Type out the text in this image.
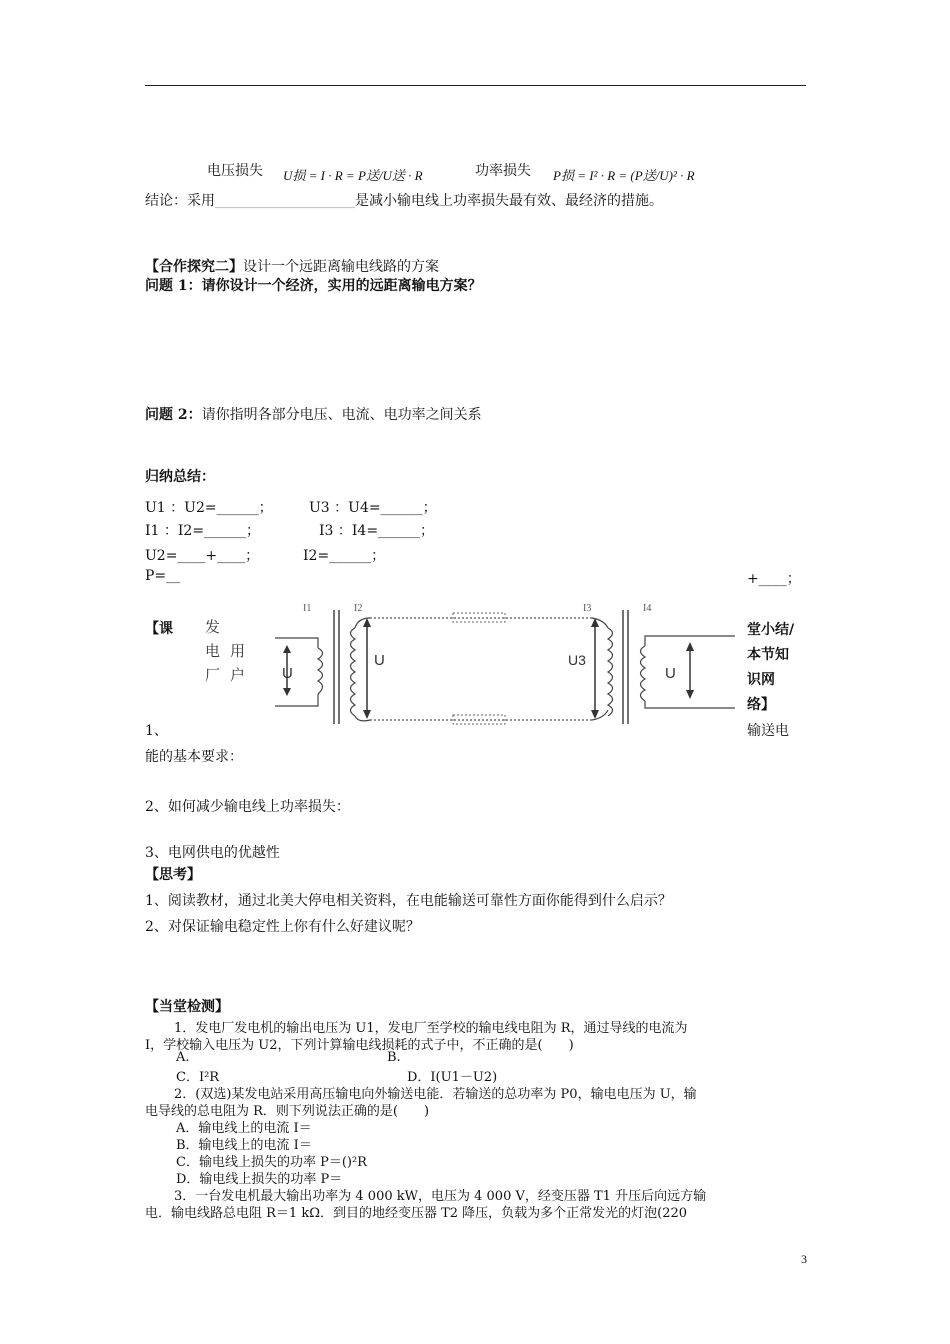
电压损失 U损 = I · R = P送/U送 · R	功率损失 P损 = I² · R = (P送/U)² · R
结论：采用____________________是减小输电线上功率损失最有效、最经济的措施。
【合作探究二】设计一个远距离输电线路的方案
问题 1：请你设计一个经济，实用的远距离输电方案？
问题 2：请你指明各部分电压、电流、电功率之间关系
归纳总结：
U1 ：U2=______；	U3 ：U4=______；
I1 ：I2=______；	I3 ：I4=______；
U2=____+____；	I2=______；
P=__	+____；
【课	堂小结/
本节知
识网
络】
发
电
厂
用
户
I1	I2	I3	I4
U
U	U3
U
1、	输送电
能的基本要求：
2、如何减少输电线上功率损失：
3、电网供电的优越性
【思考】
1、阅读教材，通过北美大停电相关资料，在电能输送可靠性方面你能得到什么启示？
2、对保证输电稳定性上你有什么好建议呢？
【当堂检测】
1．发电厂发电机的输出电压为 U1，发电厂至学校的输电线电阻为 R，通过导线的电流为
I，学校输入电压为 U2，下列计算输电线损耗的式子中，不正确的是(　　)
A.	B.
C．I²R	D．I(U1－U2)
2．(双选)某发电站采用高压输电向外输送电能．若输送的总功率为 P0，输电电压为 U，输
电导线的总电阻为 R．则下列说法正确的是(　　)
A．输电线上的电流 I＝
B．输电线上的电流 I＝
C．输电线上损失的功率 P＝()²R
D．输电线上损失的功率 P＝
3．一台发电机最大输出功率为 4 000 kW，电压为 4 000 V，经变压器 T1 升压后向远方输
电．输电线路总电阻 R＝1 kΩ．到目的地经变压器 T2 降压，负载为多个正常发光的灯泡(220
3
